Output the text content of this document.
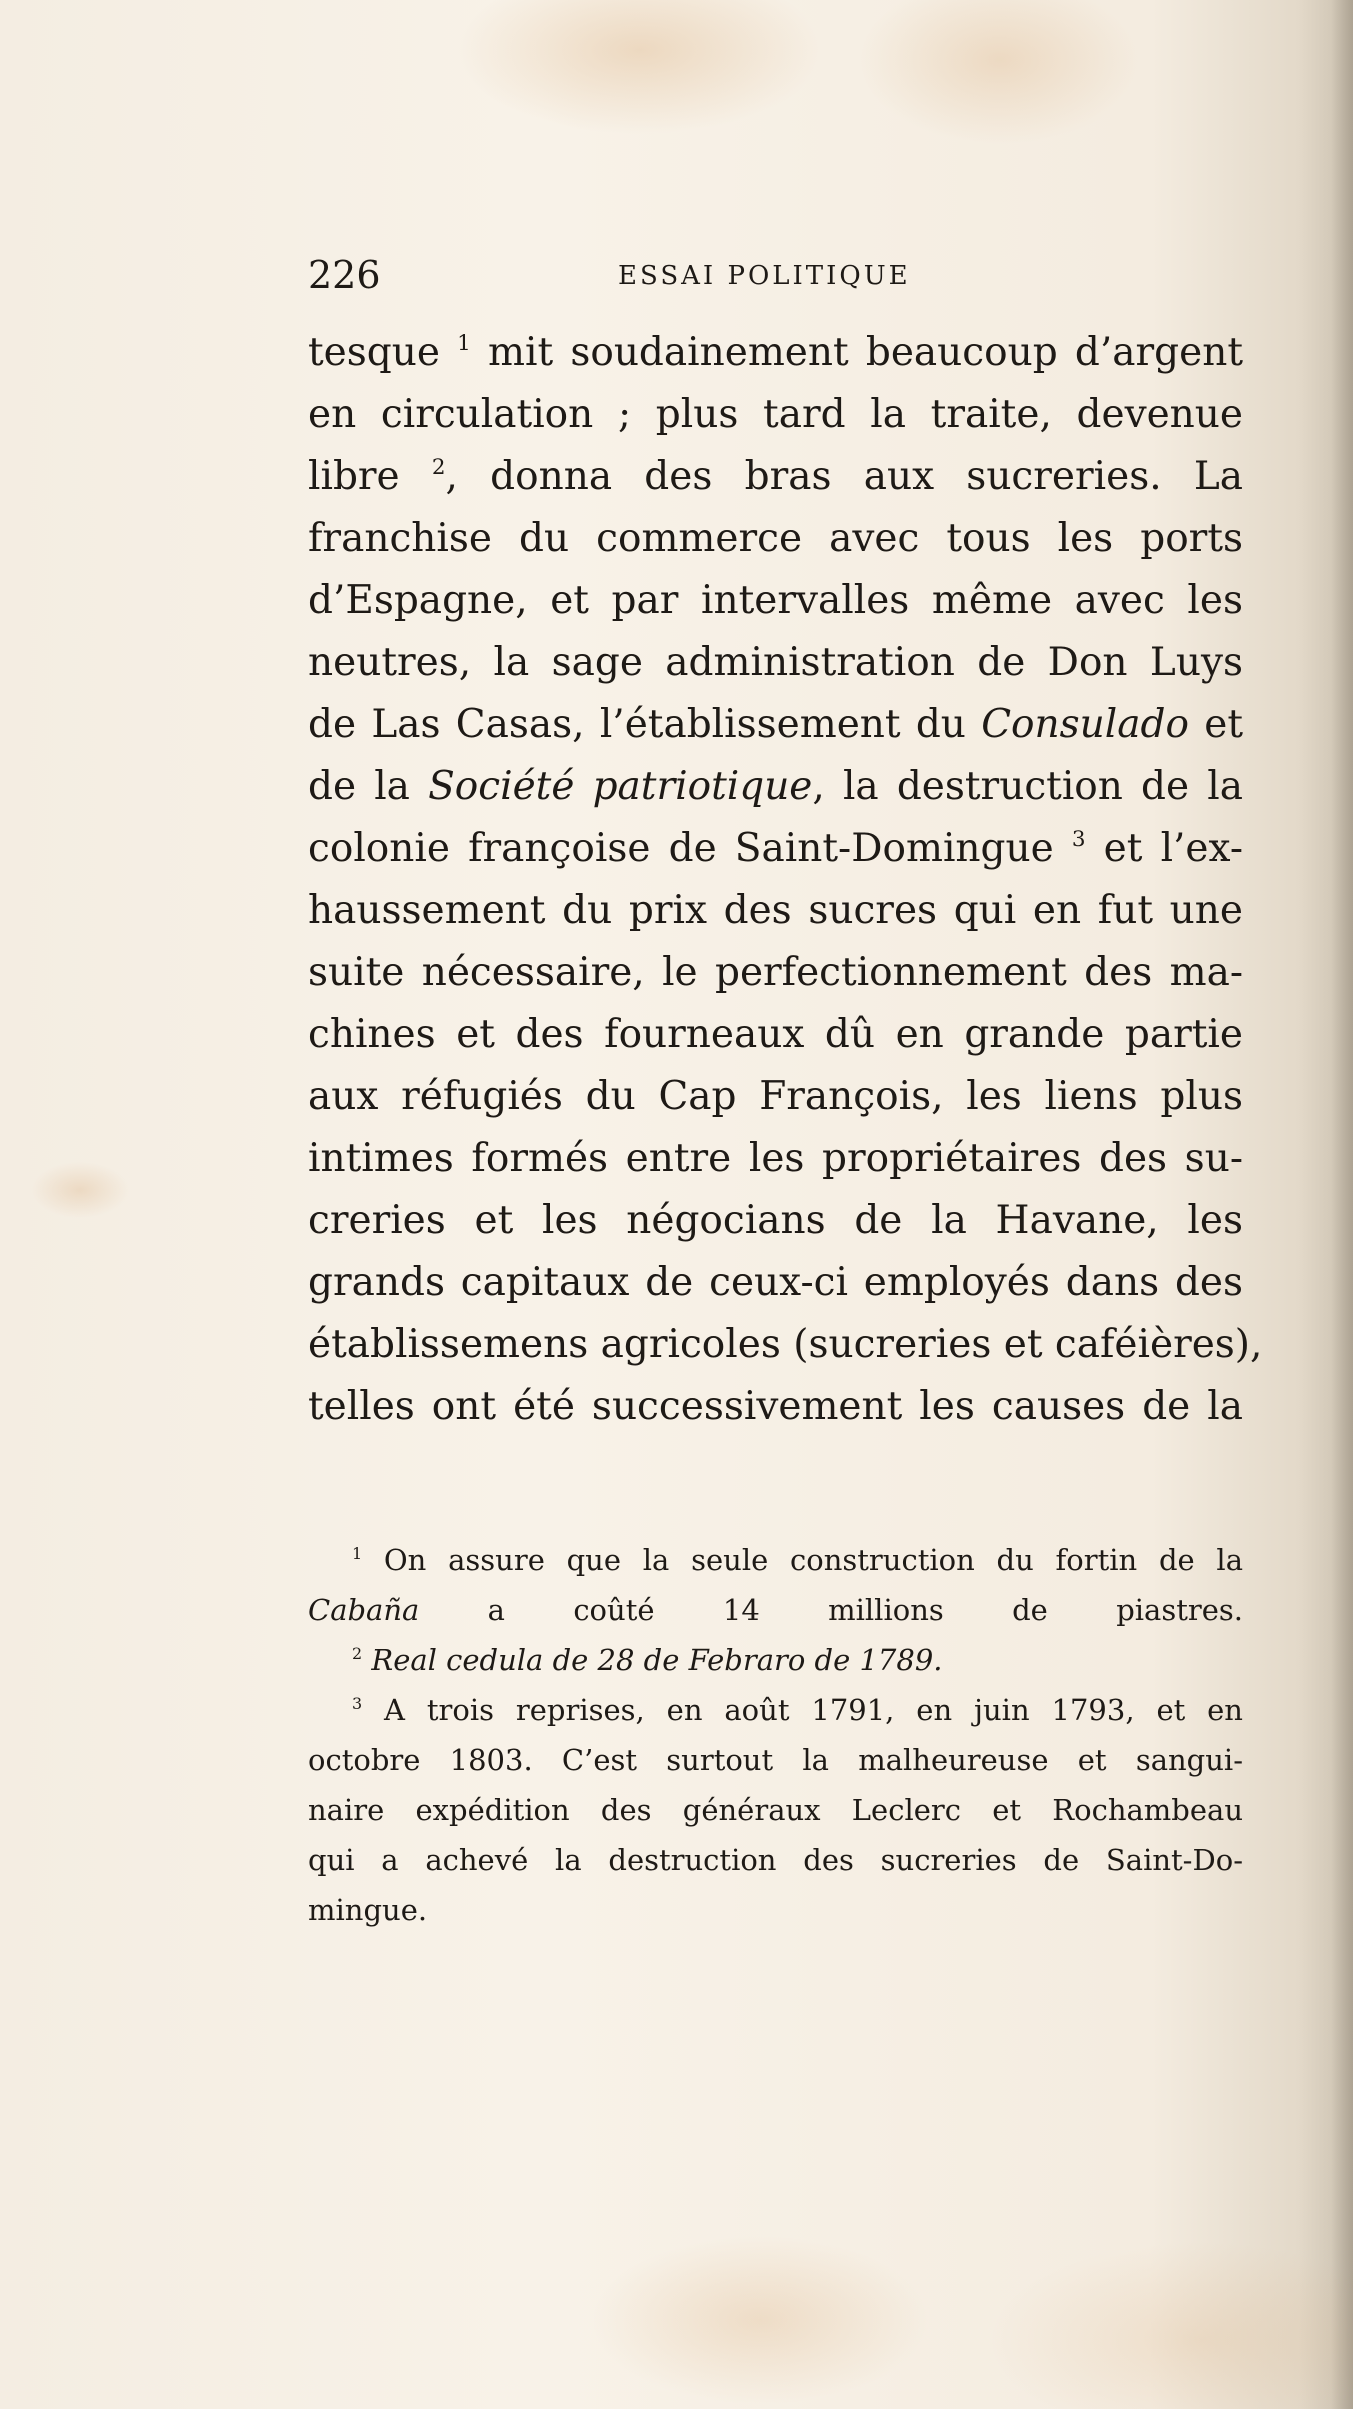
226	ESSAI POLITIQUE
tesque $^1$ mit soudainement beaucoup d’argent
en circulation ; plus tard la traite, devenue
libre $^2$, donna des bras aux sucreries. La
franchise du commerce avec tous les ports
d’Espagne, et par intervalles même avec les
neutres, la sage administration de Don Luys
de Las Casas, l’établissement du Consulado et
de la Société patriotique, la destruction de la
colonie françoise de Saint-Domingue $^3$ et l’ex-
haussement du prix des sucres qui en fut une
suite nécessaire, le perfectionnement des ma-
chines et des fourneaux dû en grande partie
aux réfugiés du Cap François, les liens plus
intimes formés entre les propriétaires des su-
creries et les négocians de la Havane, les
grands capitaux de ceux-ci employés dans des
établissemens agricoles (sucreries et caféières),
telles ont été successivement les causes de la
$^1$ On assure que la seule construction du fortin de la
Cabaña a coûté 14 millions de piastres.
$^2$ Real cedula de 28 de Febraro de 1789.
$^3$ A trois reprises, en août 1791, en juin 1793, et en
octobre 1803. C’est surtout la malheureuse et sangui-
naire expédition des généraux Leclerc et Rochambeau
qui a achevé la destruction des sucreries de Saint-Do-
mingue.
